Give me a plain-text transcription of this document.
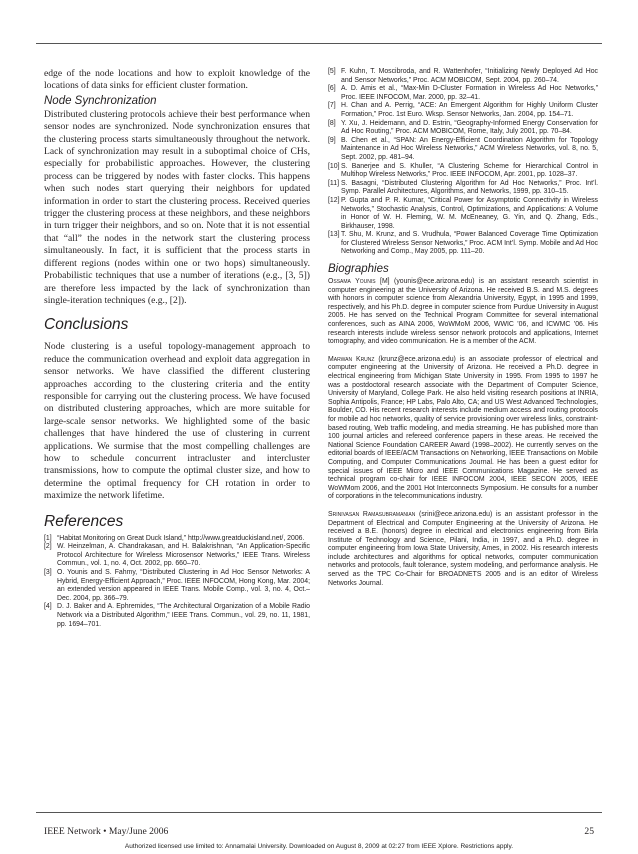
edge of the node locations and how to exploit knowledge of the locations of data sinks for efficient cluster formation.

Node Synchronization

Distributed clustering protocols achieve their best performance when sensor nodes are synchronized. Node synchronization ensures that the clustering process starts simultaneously throughout the network. Lack of synchronization may result in a suboptimal choice of CHs, especially for probabilistic approaches. However, the clustering process can be triggered by nodes with faster clocks. This happens when such nodes start querying their neighbors for updated information in order to start the clustering process. Received queries trigger the clustering process at these neighbors, and these neighbors in turn trigger their neighbors, and so on. Note that it is not essential that “all” the nodes in the network start the clustering process simultaneously. In fact, it is sufficient that the process starts in different regions (nodes within one or two hops) simultaneously. Probabilistic techniques that use a number of iterations (e.g., [3, 5]) are therefore less impacted by the lack of synchronization than single-iteration techniques (e.g., [2]).

Conclusions

Node clustering is a useful topology-management approach to reduce the communication overhead and exploit data aggregation in sensor networks. We have classified the different clustering approaches according to the clustering criteria and the entity responsible for carrying out the clustering process. We have focused on distributed clustering approaches, which are more suitable for large-scale sensor networks. We highlighted some of the basic challenges that have hindered the use of clustering in current applications. We surmise that the most compelling challenges are how to schedule concurrent intracluster and intercluster transmissions, how to compute the optimal cluster size, and how to determine the optimal frequency for CH rotation in order to maximize the network lifetime.

References
[1] “Habitat Monitoring on Great Duck Island,” http://www.greatduckisland.net/, 2006.
[2] W. Heinzelman, A. Chandrakasan, and H. Balakrishnan, “An Application-Specific Protocol Architecture for Wireless Microsensor Networks,” IEEE Trans. Wireless Commun., vol. 1, no. 4, Oct. 2002, pp. 660–70.
[3] O. Younis and S. Fahmy, “Distributed Clustering in Ad Hoc Sensor Networks: A Hybrid, Energy-Efficient Approach,” Proc. IEEE INFOCOM, Hong Kong, Mar. 2004; an extended version appeared in IEEE Trans. Mobile Comp., vol. 3, no. 4, Oct.–Dec. 2004, pp. 366–79.
[4] D. J. Baker and A. Ephremides, “The Architectural Organization of a Mobile Radio Network via a Distributed Algorithm,” IEEE Trans. Commun., vol. 29, no. 11, 1981, pp. 1694–701.
[5] F. Kuhn, T. Moscibroda, and R. Wattenhofer, “Initializing Newly Deployed Ad Hoc and Sensor Networks,” Proc. ACM MOBICOM, Sept. 2004, pp. 260–74.
[6] A. D. Amis et al., “Max-Min D-Cluster Formation in Wireless Ad Hoc Networks,” Proc. IEEE INFOCOM, Mar. 2000, pp. 32–41.
[7] H. Chan and A. Perrig, “ACE: An Emergent Algorithm for Highly Uniform Cluster Formation,” Proc. 1st Euro. Wksp. Sensor Networks, Jan. 2004, pp. 154–71.
[8] Y. Xu, J. Heidemann, and D. Estrin, “Geography-Informed Energy Conservation for Ad Hoc Routing,” Proc. ACM MOBICOM, Rome, Italy, July 2001, pp. 70–84.
[9] B. Chen et al., “SPAN: An Energy-Efficient Coordination Algorithm for Topology Maintenance in Ad Hoc Wireless Networks,” ACM Wireless Networks, vol. 8, no. 5, Sept. 2002, pp. 481–94.
[10] S. Banerjee and S. Khuller, “A Clustering Scheme for Hierarchical Control in Multihop Wireless Networks,” Proc. IEEE INFOCOM, Apr. 2001, pp. 1028–37.
[11] S. Basagni, “Distributed Clustering Algorithm for Ad Hoc Networks,” Proc. Int’l. Symp. Parallel Architectures, Algorithms, and Networks, 1999, pp. 310–15.
[12] P. Gupta and P. R. Kumar, “Critical Power for Asymptotic Connectivity in Wireless Networks,” Stochastic Analysis, Control, Optimizations, and Applications: A Volume in Honor of W. H. Fleming, W. M. McEneaney, G. Yin, and Q. Zhang, Eds., Birkhauser, 1998.
[13] T. Shu, M. Krunz, and S. Vrudhula, “Power Balanced Coverage Time Optimization for Clustered Wireless Sensor Networks,” Proc. ACM Int’l. Symp. Mobile and Ad Hoc Networking and Comp., May 2005, pp. 111–20.
Biographies

Ossama Younis [M] (younis@ece.arizona.edu) is an assistant research scientist in computer engineering at the University of Arizona. He received B.S. and M.S. degrees with honors in computer science from Alexandria University, Egypt, in 1995 and 1999, respectively, and his Ph.D. degree in computer science from Purdue University in August 2005. He has served on the Technical Program Committee for several international conferences, such as AINA 2006, WoWMoM 2006, WWIC ’06, and ICWMC ’06. His research interests include wireless sensor network protocols and applications, Internet tomography, and video communication. He is a member of the ACM.

Marwan Krunz (krunz@ece.arizona.edu) is an associate professor of electrical and computer engineering at the University of Arizona. He received a Ph.D. degree in electrical engineering from Michigan State University in 1995. From 1995 to 1997 he was a postdoctoral research associate with the Department of Computer Science, University of Maryland, College Park. He also held visiting research positions at INRIA, Sophia Antipolis, France; HP Labs, Palo Alto, CA; and US West Advanced Technologies, Boulder, CO. His recent research interests include medium access and routing protocols for mobile ad hoc networks, quality of service provisioning over wireless links, constraint-based routing, Web traffic modeling, and media streaming. He has published more than 100 journal articles and refereed conference papers in these areas. He received the National Science Foundation CAREER Award (1998–2002). He currently serves on the editorial boards of IEEE/ACM Transactions on Networking, IEEE Transactions on Mobile Computing, and Computer Communications Journal. He has been a guest editor for special issues of IEEE Micro and IEEE Communications Magazine. He served as technical program co-chair for IEEE INFOCOM 2004, IEEE SECON 2005, IEEE WoWMom 2006, and the 2001 Hot Interconnects Symposium. He consults for a number of corporations in the telecommunications industry.

Srinivasan Ramasubramanian (srini@ece.arizona.edu) is an assistant professor in the Department of Electrical and Computer Engineering at the University of Arizona. He received a B.E. (honors) degree in electrical and electronics engineering from Birla Institute of Technology and Science, Pilani, India, in 1997, and a Ph.D. degree in computer engineering from Iowa State University, Ames, in 2002. His research interests include architectures and algorithms for optical networks, computer communication networks and protocols, fault tolerance, system modeling, and performance analysis. He served as the TPC Co-Chair for BROADNETS 2005 and is an editor of Wireless Networks Journal.

IEEE Network • May/June 2006	25
Authorized licensed use limited to: Annamalai University. Downloaded on August 8, 2009 at 02:27 from IEEE Xplore. Restrictions apply.
